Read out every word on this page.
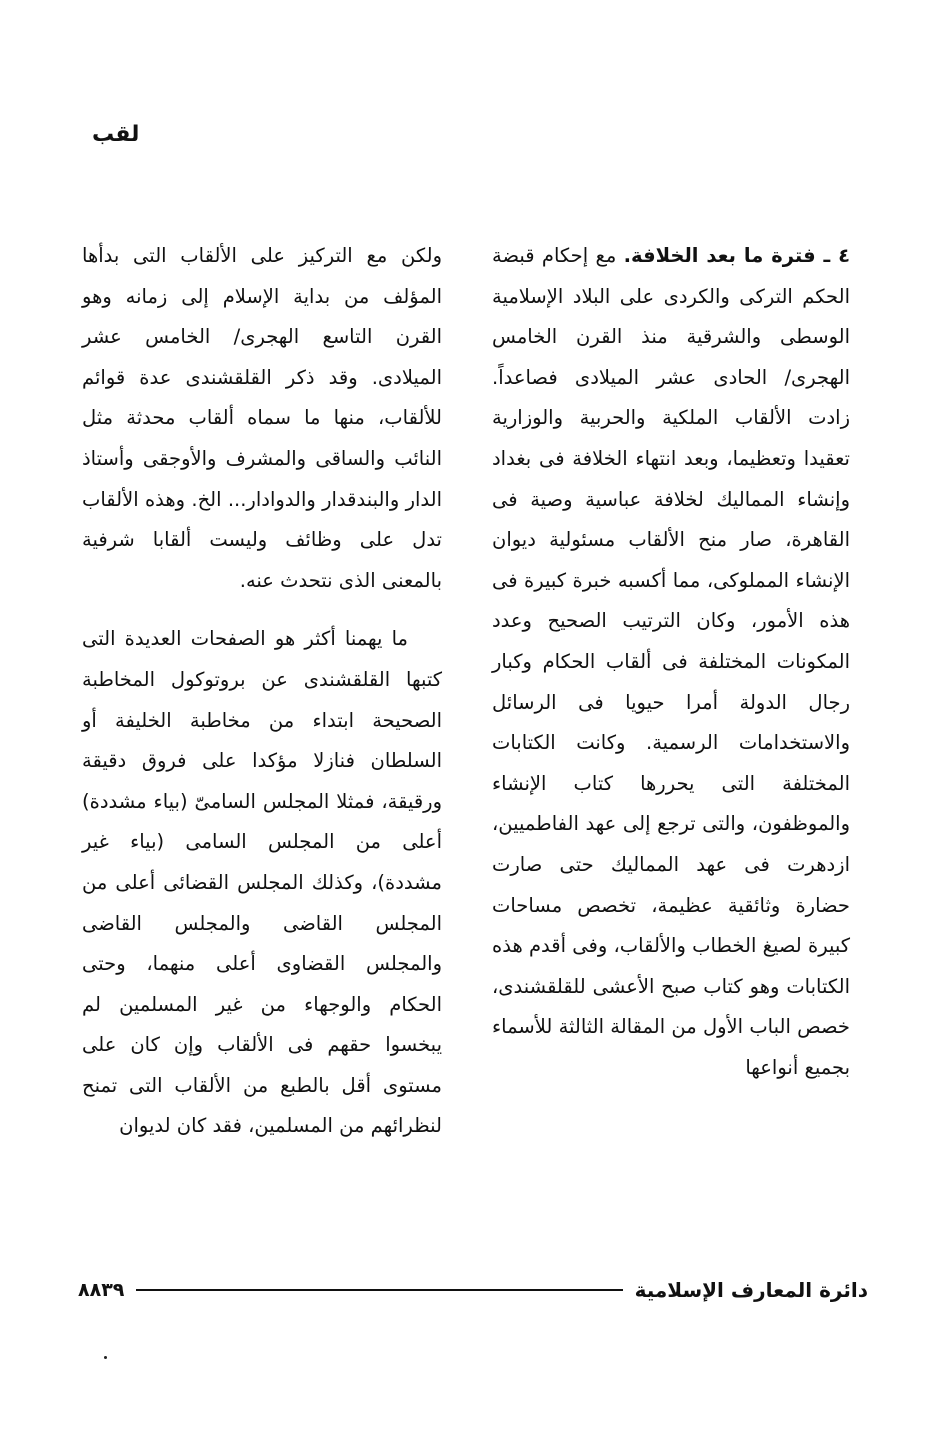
لقب

٤ ـ فترة ما بعد الخلافة. مع إحكام قبضة الحكم التركى والكردى على البلاد الإسلامية الوسطى والشرقية منذ القرن الخامس الهجرى/ الحادى عشر الميلادى فصاعداً. زادت الألقاب الملكية والحربية والوزارية تعقيدا وتعظيما، وبعد انتهاء الخلافة فى بغداد وإنشاء المماليك لخلافة عباسية وصية فى القاهرة، صار منح الألقاب مسئولية ديوان الإنشاء المملوكى، مما أكسبه خبرة كبيرة فى هذه الأمور، وكان الترتيب الصحيح وعدد المكونات المختلفة فى ألقاب الحكام وكبار رجال الدولة أمرا حيويا فى الرسائل والاستخدامات الرسمية. وكانت الكتابات المختلفة التى يحررها كتاب الإنشاء والموظفون، والتى ترجع إلى عهد الفاطميين، ازدهرت فى عهد المماليك حتى صارت حضارة وثائقية عظيمة، تخصص مساحات كبيرة لصيغ الخطاب والألقاب، وفى أقدم هذه الكتابات وهو كتاب صبح الأعشى للقلقشندى، خصص الباب الأول من المقالة الثالثة للأسماء بجميع أنواعها

ولكن مع التركيز على الألقاب التى بدأها المؤلف من بداية الإسلام إلى زمانه وهو القرن التاسع الهجرى/ الخامس عشر الميلادى. وقد ذكر القلقشندى عدة قوائم للألقاب، منها ما سماه ألقاب محدثة مثل النائب والساقى والمشرف والأوجقى وأستاذ الدار والبندقدار والدوادار... الخ. وهذه الألقاب تدل على وظائف وليست ألقابا شرفية بالمعنى الذى نتحدث عنه.

ما يهمنا أكثر هو الصفحات العديدة التى كتبها القلقشندى عن بروتوكول المخاطبة الصحيحة ابتداء من مخاطبة الخليفة أو السلطان فنازلا مؤكدا على فروق دقيقة ورقيقة، فمثلا المجلس السامىّ (بياء مشددة) أعلى من المجلس السامى (بياء غير مشددة)، وكذلك المجلس القضائى أعلى من المجلس القاضى والمجلس القاضى والمجلس القضاوى أعلى منهما، وحتى الحكام والوجهاء من غير المسلمين لم يبخسوا حقهم فى الألقاب وإن كان على مستوى أقل بالطبع من الألقاب التى تمنح لنظرائهم من المسلمين، فقد كان لديوان

دائرة المعارف الإسلامية
٨٨٣٩
